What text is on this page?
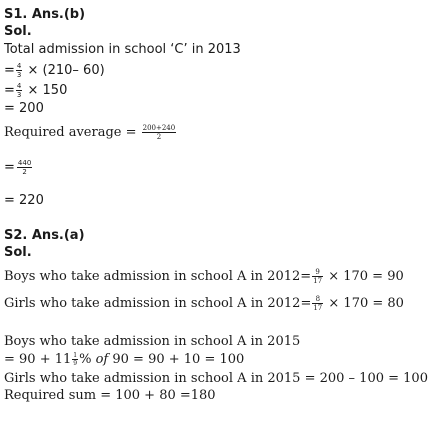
S1. Ans.(b)
Sol.
Total admission in school ‘C’ in 2013
= $\frac{4}{3} \times (210-$ 60)
= $\frac{4}{3} \times 150$
= 200
Required average = $\frac{200+240}{2}$
= $\frac{440}{2}$
= 220
S2. Ans.(a)
Sol.
Boys who take admission in school A in $2012= \frac{9}{17} \times 170 = 90$
Girls who take admission in school A in $2012= \frac{8}{17} \times 170 = 80$
Boys who take admission in school A in 2015
= $90 + 11 \frac{1}{9}$ % of 90 = 90 + 10 = 100
Girls who take admission in school A in 2015 = 200 – 100 = 100
Required sum = 100 + 80 =180
